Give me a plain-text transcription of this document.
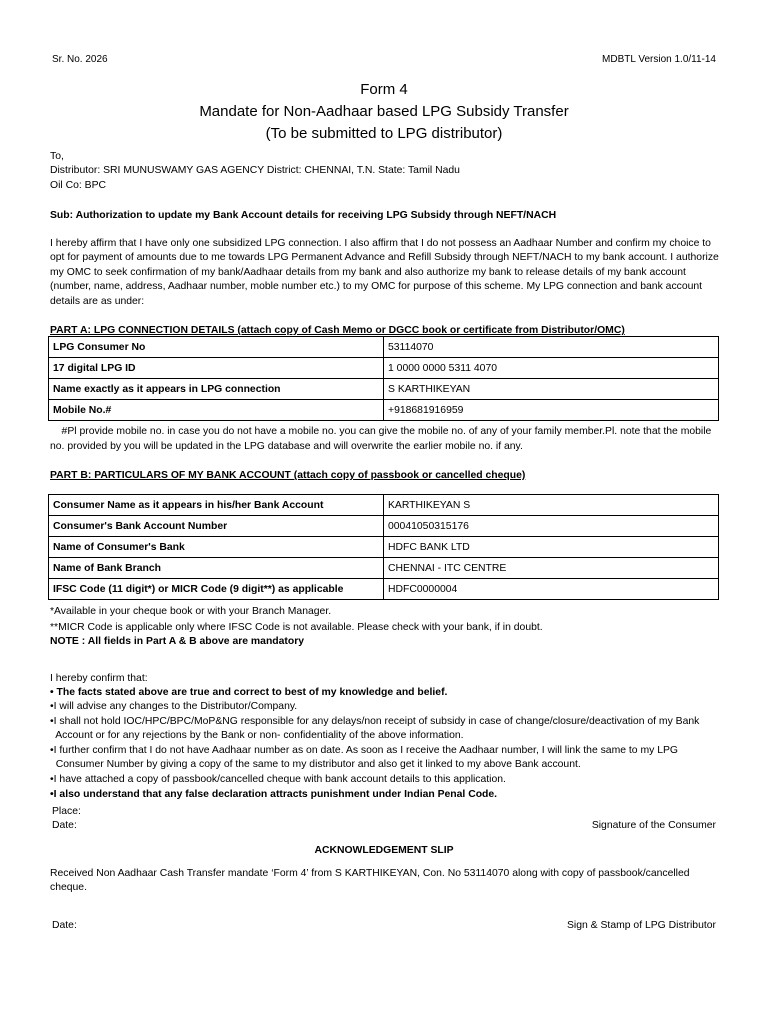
Sr. No. 2026	MDBTL Version 1.0/11-14
Form 4
Mandate for Non-Aadhaar based LPG Subsidy Transfer
(To be submitted to LPG distributor)
To,
Distributor: SRI MUNUSWAMY GAS AGENCY District: CHENNAI, T.N. State: Tamil Nadu
Oil Co: BPC
Sub: Authorization to update my Bank Account details for receiving LPG Subsidy through NEFT/NACH
I hereby affirm that I have only one subsidized LPG connection. I also affirm that I do not possess an Aadhaar Number and confirm my choice to
opt for payment of amounts due to me towards LPG Permanent Advance and Refill Subsidy through NEFT/NACH to my bank account. I authorize
my OMC to seek confirmation of my bank/Aadhaar details from my bank and also authorize my bank to release details of my bank account
(number, name, address, Aadhaar number, moble number etc.) to my OMC for purpose of this scheme. My LPG connection and bank account
details are as under:
PART A: LPG CONNECTION DETAILS (attach copy of Cash Memo or DGCC book or certificate from Distributor/OMC)
LPG Consumer No	53114070
17 digital LPG ID	1 0000 0000 5311 4070
Name exactly as it appears in LPG connection	S KARTHIKEYAN
Mobile No.#	+918681916959
#Pl provide mobile no. in case you do not have a mobile no. you can give the mobile no. of any of your family member.Pl. note that the mobile
no. provided by you will be updated in the LPG database and will overwrite the earlier mobile no. if any.
PART B: PARTICULARS OF MY BANK ACCOUNT (attach copy of passbook or cancelled cheque)
Consumer Name as it appears in his/her Bank Account	KARTHIKEYAN S
Consumer's Bank Account Number	00041050315176
Name of Consumer's Bank	HDFC BANK LTD
Name of Bank Branch	CHENNAI - ITC CENTRE
IFSC Code (11 digit*) or MICR Code (9 digit**) as applicable	HDFC0000004
*Available in your cheque book or with your Branch Manager.
**MICR Code is applicable only where IFSC Code is not available. Please check with your bank, if in doubt.
NOTE : All fields in Part A & B above are mandatory
I hereby confirm that:
• The facts stated above are true and correct to best of my knowledge and belief.
•I will advise any changes to the Distributor/Company.
•I shall not hold IOC/HPC/BPC/MoP&NG responsible for any delays/non receipt of subsidy in case of change/closure/deactivation of my Bank
Account or for any rejections by the Bank or non- confidentiality of the above information.
•I further confirm that I do not have Aadhaar number as on date. As soon as I receive the Aadhaar number, I will link the same to my LPG
Consumer Number by giving a copy of the same to my distributor and also get it linked to my above Bank account.
•I have attached a copy of passbook/cancelled cheque with bank account details to this application.
•I also understand that any false declaration attracts punishment under Indian Penal Code.
Place:
Date:	Signature of the Consumer
ACKNOWLEDGEMENT SLIP
Received Non Aadhaar Cash Transfer mandate ‘Form 4’ from S KARTHIKEYAN, Con. No 53114070 along with copy of passbook/cancelled
cheque.
Date:	Sign & Stamp of LPG Distributor
